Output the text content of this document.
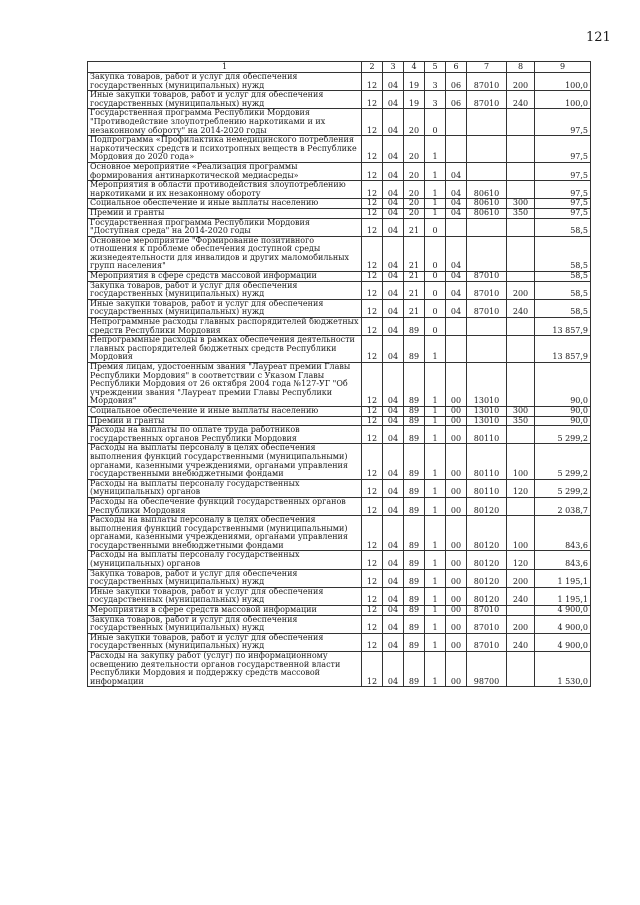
121
1	2	3	4	5	6	7	8	9
Закупка товаров, работ и услуг для обеспечения государственных (муниципальных) нужд	12	04	19	3	06	87010	200	100,0
Иные закупки товаров, работ и услуг для обеспечения государственных (муниципальных) нужд	12	04	19	3	06	87010	240	100,0
Государственная программа Республики Мордовия "Противодействие злоупотреблению наркотиками и их незаконному обороту" на 2014-2020 годы	12	04	20	0				97,5
Подпрограмма «Профилактика немедицинского потребления наркотических средств и психотропных веществ в Республике Мордовия до 2020 года»	12	04	20	1				97,5
Основное мероприятие «Реализация программы формирования антинаркотической медиасреды»	12	04	20	1	04			97,5
Мероприятия в области противодействия злоупотреблению наркотиками и их незаконному обороту	12	04	20	1	04	80610		97,5
Социальное обеспечение и иные выплаты населению	12	04	20	1	04	80610	300	97,5
Премии и гранты	12	04	20	1	04	80610	350	97,5
Государственная программа Республики Мордовия "Доступная среда" на 2014-2020 годы	12	04	21	0				58,5
Основное мероприятие "Формирование позитивного отношения к проблеме обеспечения доступной среды жизнедеятельности для инвалидов и других маломобильных групп населения"	12	04	21	0	04			58,5
Мероприятия в сфере средств массовой информации	12	04	21	0	04	87010		58,5
Закупка товаров, работ и услуг для обеспечения государственных (муниципальных) нужд	12	04	21	0	04	87010	200	58,5
Иные закупки товаров, работ и услуг для обеспечения государственных (муниципальных) нужд	12	04	21	0	04	87010	240	58,5
Непрограммные расходы главных распорядителей бюджетных средств Республики Мордовия	12	04	89	0				13 857,9
Непрограммные расходы в рамках обеспечения деятельности главных распорядителей бюджетных средств Республики Мордовия	12	04	89	1				13 857,9
Премия лицам, удостоенным звания "Лауреат премии Главы Республики Мордовия" в соответствии с Указом Главы Республики Мордовия от 26 октября 2004 года №127-УГ "Об учреждении звания "Лауреат премии Главы Республики Мордовия"	12	04	89	1	00	13010		90,0
Социальное обеспечение и иные выплаты населению	12	04	89	1	00	13010	300	90,0
Премии и гранты	12	04	89	1	00	13010	350	90,0
Расходы на выплаты по оплате труда работников государственных органов Республики Мордовия	12	04	89	1	00	80110		5 299,2
Расходы на выплаты персоналу в целях обеспечения выполнения функций государственными (муниципальными) органами, казенными учреждениями, органами управления государственными внебюджетными фондами	12	04	89	1	00	80110	100	5 299,2
Расходы на выплаты персоналу государственных (муниципальных) органов	12	04	89	1	00	80110	120	5 299,2
Расходы на обеспечение функций государственных органов Республики Мордовия	12	04	89	1	00	80120		2 038,7
Расходы на выплаты персоналу в целях обеспечения выполнения функций государственными (муниципальными) органами, казенными учреждениями, органами управления государственными внебюджетными фондами	12	04	89	1	00	80120	100	843,6
Расходы на выплаты персоналу государственных (муниципальных) органов	12	04	89	1	00	80120	120	843,6
Закупка товаров, работ и услуг для обеспечения государственных (муниципальных) нужд	12	04	89	1	00	80120	200	1 195,1
Иные закупки товаров, работ и услуг для обеспечения государственных (муниципальных) нужд	12	04	89	1	00	80120	240	1 195,1
Мероприятия в сфере средств массовой информации	12	04	89	1	00	87010		4 900,0
Закупка товаров, работ и услуг для обеспечения государственных (муниципальных) нужд	12	04	89	1	00	87010	200	4 900,0
Иные закупки товаров, работ и услуг для обеспечения государственных (муниципальных) нужд	12	04	89	1	00	87010	240	4 900,0
Расходы на закупку работ (услуг) по информационному освещению деятельности органов государственной власти Республики Мордовия и поддержку средств массовой информации	12	04	89	1	00	98700		1 530,0
